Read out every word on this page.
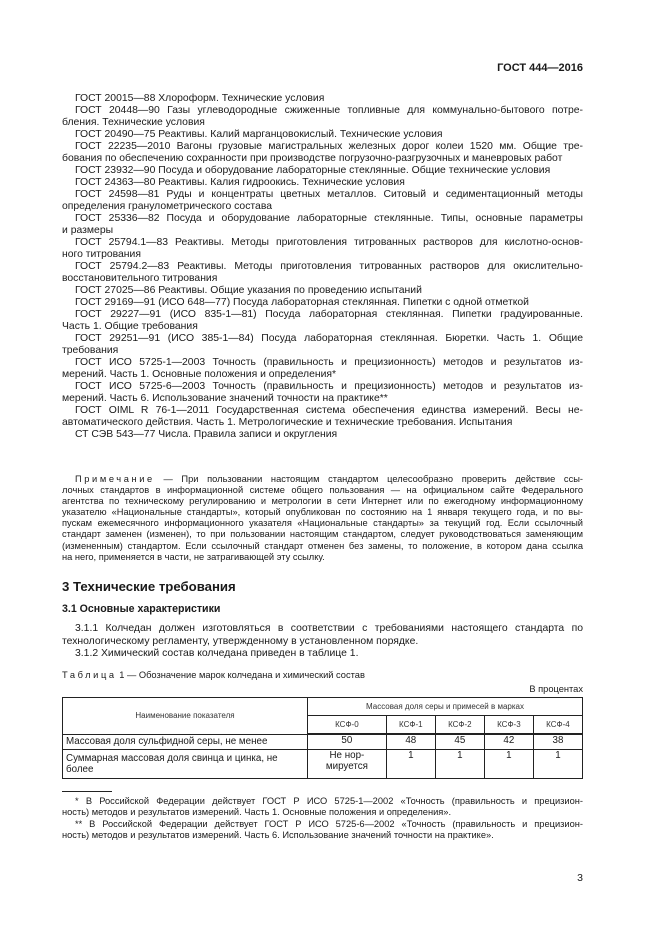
ГОСТ 444—2016
ГОСТ 20015—88 Хлороформ. Технические условия
ГОСТ 20448—90 Газы углеводородные сжиженные топливные для коммунально-бытового потре-
бления. Технические условия
ГОСТ 20490—75 Реактивы. Калий марганцовокислый. Технические условия
ГОСТ 22235—2010 Вагоны грузовые магистральных железных дорог колеи 1520 мм. Общие тре-
бования по обеспечению сохранности при производстве погрузочно-разгрузочных и маневровых работ
ГОСТ 23932—90 Посуда и оборудование лабораторные стеклянные. Общие технические условия
ГОСТ 24363—80 Реактивы. Калия гидроокись. Технические условия
ГОСТ 24598—81 Руды и концентраты цветных металлов. Ситовый и седиментационный методы
определения гранулометрического состава
ГОСТ 25336—82 Посуда и оборудование лабораторные стеклянные. Типы, основные параметры
и размеры
ГОСТ 25794.1—83 Реактивы. Методы приготовления титрованных растворов для кислотно-основ-
ного титрования
ГОСТ 25794.2—83 Реактивы. Методы приготовления титрованных растворов для окислительно-
восстановительного титрования
ГОСТ 27025—86 Реактивы. Общие указания по проведению испытаний
ГОСТ 29169—91 (ИСО 648—77) Посуда лабораторная стеклянная. Пипетки с одной отметкой
ГОСТ 29227—91 (ИСО 835-1—81) Посуда лабораторная стеклянная. Пипетки градуированные.
Часть 1. Общие требования
ГОСТ 29251—91 (ИСО 385-1—84) Посуда лабораторная стеклянная. Бюретки. Часть 1. Общие
требования
ГОСТ ИСО 5725-1—2003 Точность (правильность и прецизионность) методов и результатов из-
мерений. Часть 1. Основные положения и определения*
ГОСТ ИСО 5725-6—2003 Точность (правильность и прецизионность) методов и результатов из-
мерений. Часть 6. Использование значений точности на практике**
ГОСТ OIML R 76-1—2011 Государственная система обеспечения единства измерений. Весы не-
автоматического действия. Часть 1. Метрологические и технические требования. Испытания
СТ СЭВ 543—77 Числа. Правила записи и округления
Примечание — При пользовании настоящим стандартом целесообразно проверить действие ссы-
лочных стандартов в информационной системе общего пользования — на официальном сайте Федерального
агентства по техническому регулированию и метрологии в сети Интернет или по ежегодному информационному
указателю «Национальные стандарты», который опубликован по состоянию на 1 января текущего года, и по вы-
пускам ежемесячного информационного указателя «Национальные стандарты» за текущий год. Если ссылочный
стандарт заменен (изменен), то при пользовании настоящим стандартом, следует руководствоваться заменяющим
(измененным) стандартом. Если ссылочный стандарт отменен без замены, то положение, в котором дана ссылка
на него, применяется в части, не затрагивающей эту ссылку.
3 Технические требования
3.1 Основные характеристики
3.1.1 Колчедан должен изготовляться в соответствии с требованиями настоящего стандарта по
технологическому регламенту, утвержденному в установленном порядке.
3.1.2 Химический состав колчедана приведен в таблице 1.
Таблица 1 — Обозначение марок колчедана и химический состав
В процентах
Наименование показателя	Массовая доля серы и примесей в марках				
	КСФ-0	КСФ-1	КСФ-2	КСФ-3	КСФ-4
Массовая доля сульфидной серы, не менее	50	48	45	42	38
Суммарная массовая доля свинца и цинка, не более	Не нор-
мируется	1	1	1	1
* В Российской Федерации действует ГОСТ Р ИСО 5725-1—2002 «Точность (правильность и прецизион-
ность) методов и результатов измерений. Часть 1. Основные положения и определения».
** В Российской Федерации действует ГОСТ Р ИСО 5725-6—2002 «Точность (правильность и прецизион-
ность) методов и результатов измерений. Часть 6. Использование значений точности на практике».
3
